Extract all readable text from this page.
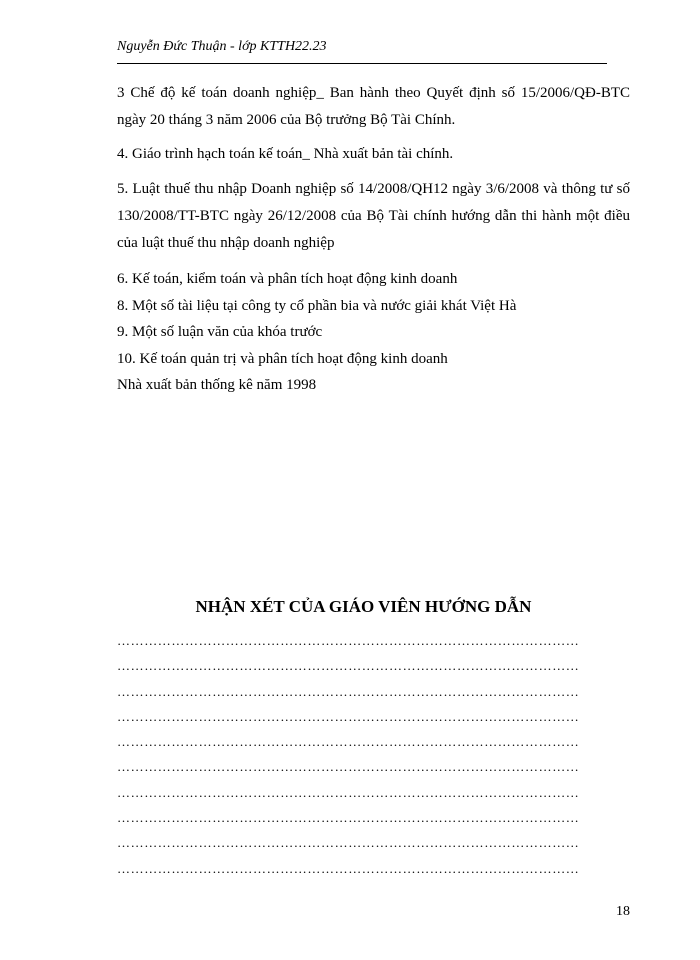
Nguyễn Đức Thuận - lớp KTTH22.23

3 Chế độ kế toán doanh nghiệp_ Ban hành theo Quyết định số 15/2006/QĐ-BTC ngày 20 tháng 3 năm 2006 của Bộ trưởng Bộ Tài Chính.

4. Giáo trình hạch toán kế toán_ Nhà xuất bản tài chính.

5. Luật thuế thu nhập Doanh nghiệp số 14/2008/QH12 ngày 3/6/2008 và thông tư số 130/2008/TT-BTC ngày 26/12/2008 của Bộ Tài chính hướng dẫn thi hành một điều của luật thuế thu nhập doanh nghiệp

6. Kế toán, kiểm toán và phân tích hoạt động kinh doanh

8. Một số tài liệu tại công ty cổ phần bia và nước giải khát Việt Hà

9. Một số luận văn của khóa trước

10. Kế toán quản trị và phân tích hoạt động kinh doanh

Nhà xuất bản thống kê năm 1998

NHẬN XÉT CỦA GIÁO VIÊN HƯỚNG DẪN
…………………………………………………………………………………………
…………………………………………………………………………………………
…………………………………………………………………………………………
…………………………………………………………………………………………
…………………………………………………………………………………………
…………………………………………………………………………………………
…………………………………………………………………………………………
…………………………………………………………………………………………
…………………………………………………………………………………………
…………………………………………………………………………………………
18
